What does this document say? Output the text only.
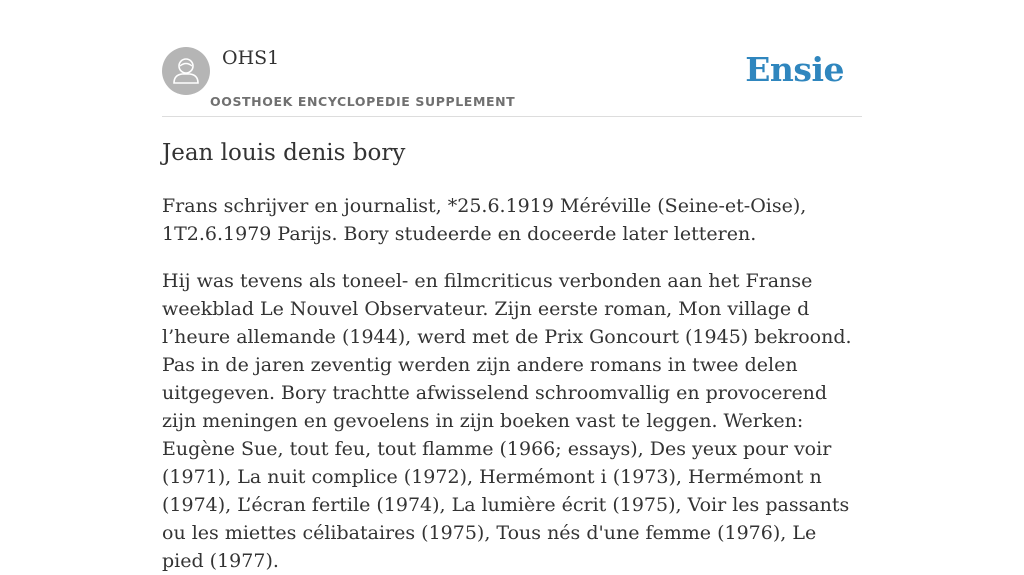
OHS1
OOSTHOEK ENCYCLOPEDIE SUPPLEMENT
Ensie
Jean louis denis bory

Frans schrijver en journalist, *25.6.1919 Méréville (Seine-et-Oise), 1T2.6.1979 Parijs. Bory studeerde en doceerde later letteren.

Hij was tevens als toneel- en filmcriticus verbonden aan het Franse weekblad Le Nouvel Observateur. Zijn eerste roman, Mon village d l’heure allemande (1944), werd met de Prix Goncourt (1945) bekroond. Pas in de jaren zeventig werden zijn andere romans in twee delen uitgegeven. Bory trachtte afwisselend schroomvallig en provocerend zijn meningen en gevoelens in zijn boeken vast te leggen. Werken: Eugène Sue, tout feu, tout flamme (1966; essays), Des yeux pour voir (1971), La nuit complice (1972), Hermémont i (1973), Hermémont n (1974), L’écran fertile (1974), La lumière écrit (1975), Voir les passants ou les miettes célibataires (1975), Tous nés d'une femme (1976), Le pied (1977).
